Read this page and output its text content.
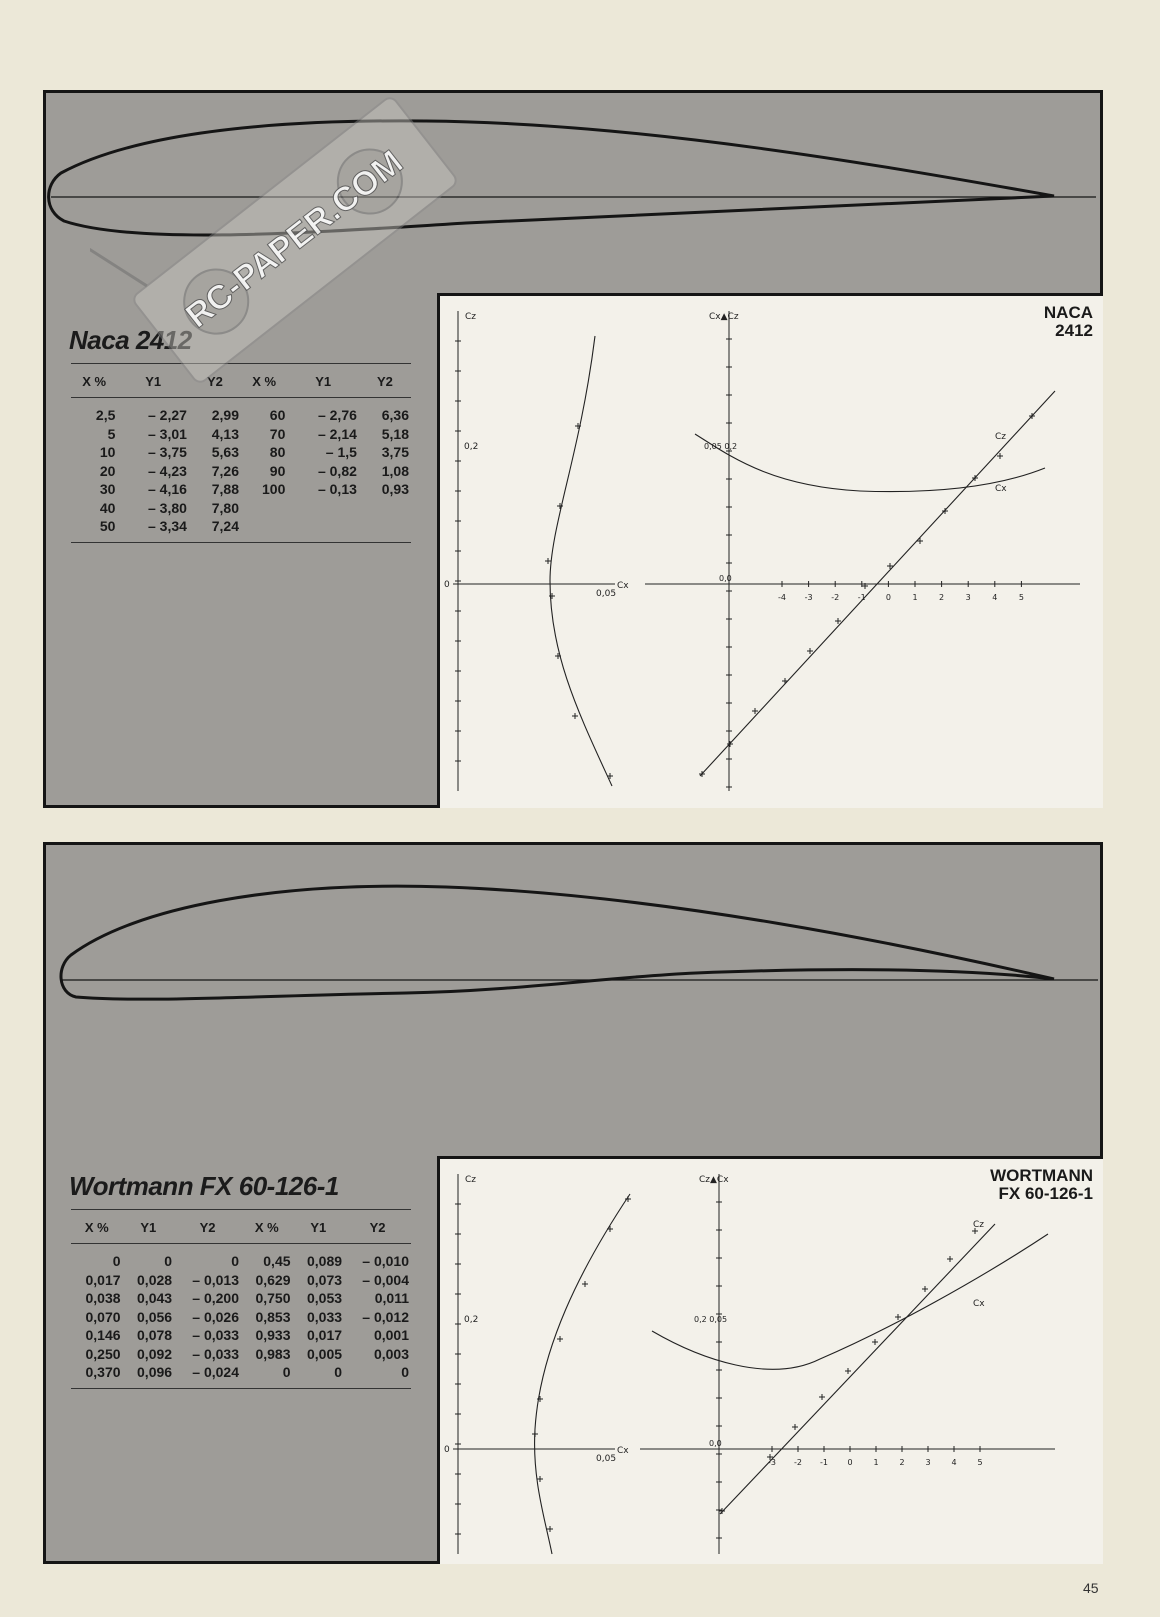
Naca 2412
X %	Y1	Y2	X %	Y1	Y2
2,5	– 2,27	2,99	60	– 2,76	6,36
5	– 3,01	4,13	70	– 2,14	5,18
10	– 3,75	5,63	80	– 1,5	3,75
20	– 4,23	7,26	90	– 0,82	1,08
30	– 4,16	7,88	100	– 0,13	0,93
40	– 3,80	7,80			
50	– 3,34	7,24			
Cz
Cx
0
0,2
0,05
Cx▲Cz
0,05 0,2
0,0
-4 -3 -2 -1	0	1	2	3	4	5
Cz
Cx
NACA
2412
Wortmann FX 60-126-1
X %	Y1	Y2	X %	Y1	Y2
0	0	0	0,45	0,089	– 0,010
0,017	0,028	– 0,013	0,629	0,073	– 0,004
0,038	0,043	– 0,200	0,750	0,053	0,011
0,070	0,056	– 0,026	0,853	0,033	– 0,012
0,146	0,078	– 0,033	0,933	0,017	0,001
0,250	0,092	– 0,033	0,983	0,005	0,003
0,370	0,096	– 0,024	0	0	0
Cz
Cx
0
0,2
0,05
Cz▲Cx
0,2 0,05
0,0
-3 -2 -1 0	1	2	3	4	5
Cz
Cx
WORTMANN
FX 60-126-1
RC-PAPER.COM
45
